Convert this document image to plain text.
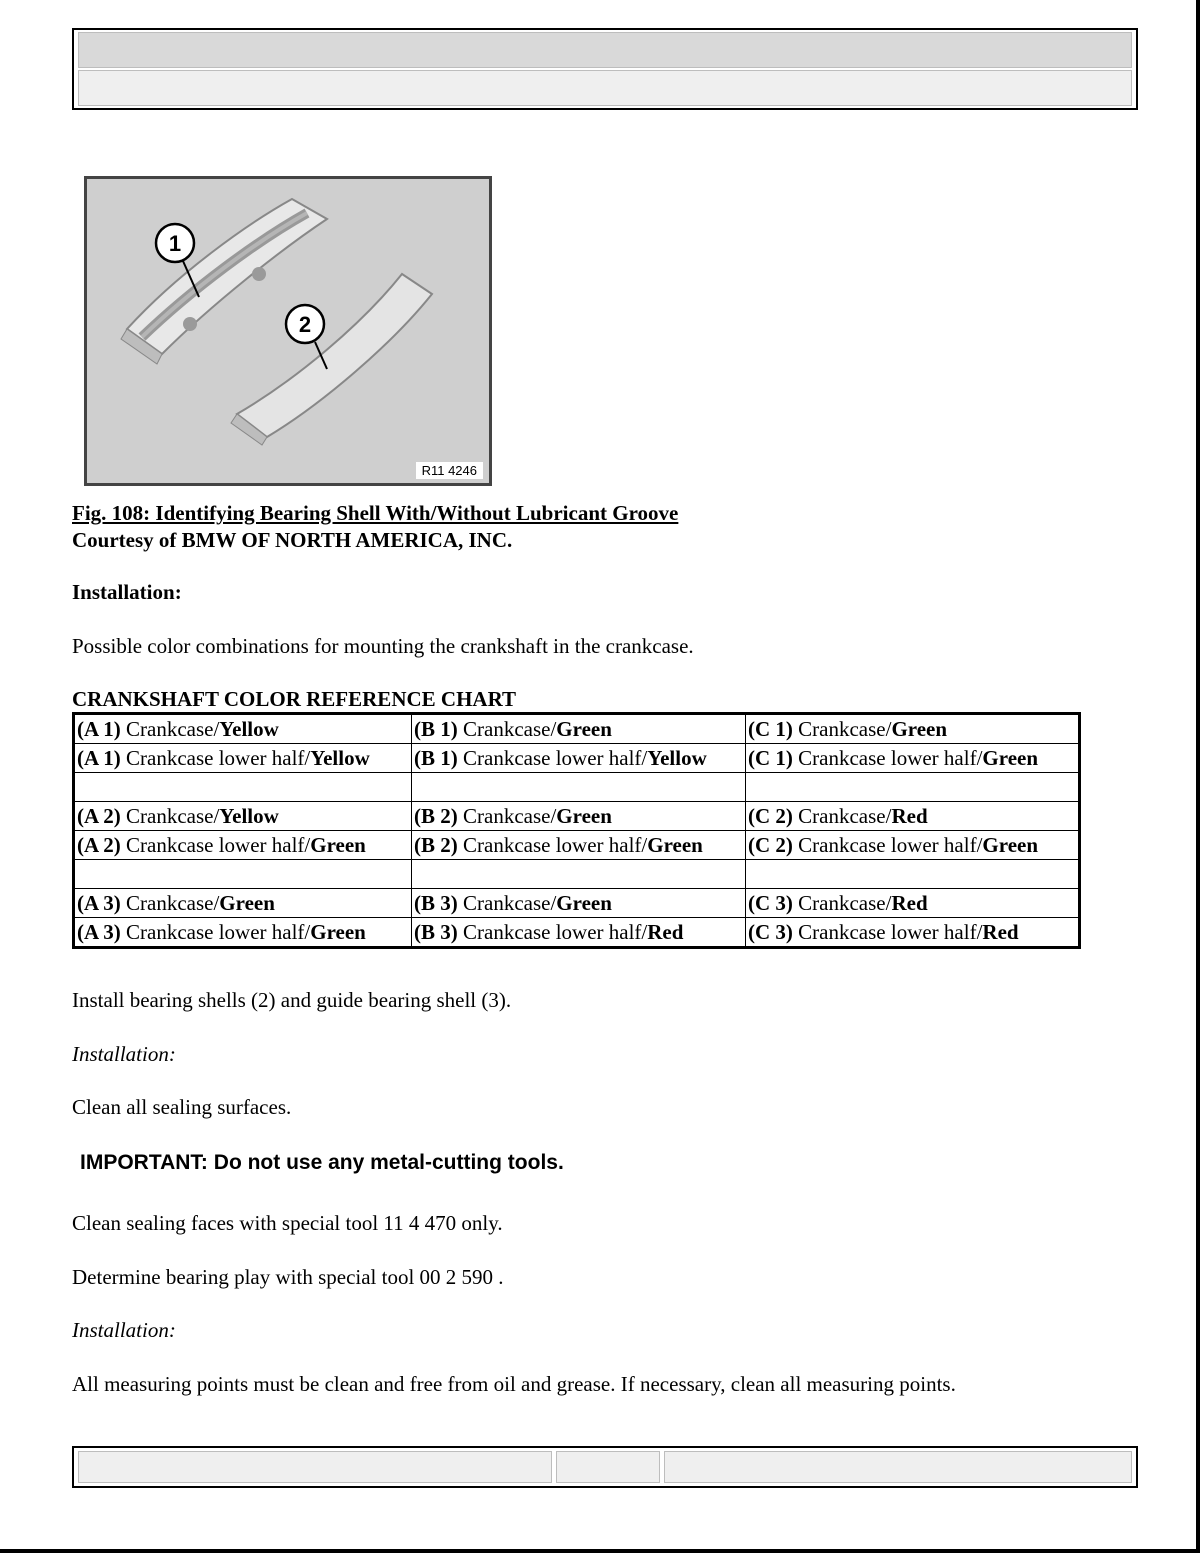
1
2
R11 4246
Fig. 108: Identifying Bearing Shell With/Without Lubricant Groove
Courtesy of BMW OF NORTH AMERICA, INC.
Installation:
Possible color combinations for mounting the crankshaft in the crankcase.
CRANKSHAFT COLOR REFERENCE CHART
(A 1) Crankcase/Yellow	(B 1) Crankcase/Green	(C 1) Crankcase/Green
(A 1) Crankcase lower half/Yellow	(B 1) Crankcase lower half/Yellow	(C 1) Crankcase lower half/Green

(A 2) Crankcase/Yellow	(B 2) Crankcase/Green	(C 2) Crankcase/Red
(A 2) Crankcase lower half/Green	(B 2) Crankcase lower half/Green	(C 2) Crankcase lower half/Green

(A 3) Crankcase/Green	(B 3) Crankcase/Green	(C 3) Crankcase/Red
(A 3) Crankcase lower half/Green	(B 3) Crankcase lower half/Red	(C 3) Crankcase lower half/Red
Install bearing shells (2) and guide bearing shell (3).
Installation:
Clean all sealing surfaces.
IMPORTANT: Do not use any metal-cutting tools.
Clean sealing faces with special tool 11 4 470 only.
Determine bearing play with special tool 00 2 590 .
Installation:
All measuring points must be clean and free from oil and grease. If necessary, clean all measuring points.
